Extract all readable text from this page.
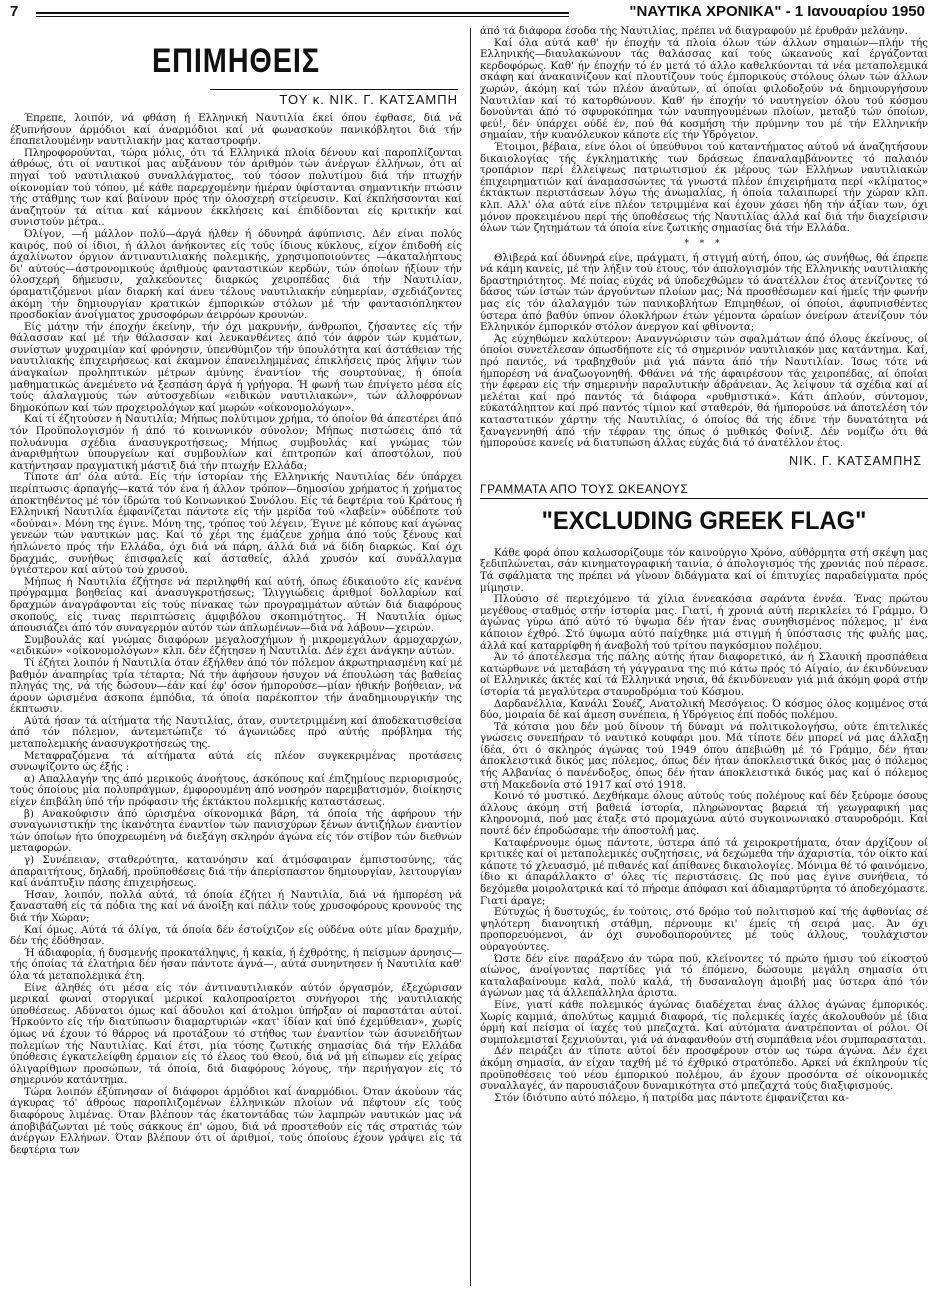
7	"ΝΑΥΤΙΚΑ ΧΡΟΝΙΚΑ" - 1 Ιανουαρίου 1950
ΕΠΙΜΗΘΕΙΣ
ΤΟΥ κ. ΝΙΚ. Γ. ΚΑΤΣΑΜΠΗ

Έπρεπε, λοιπόν, νά φθάση ή Ελληνική Ναυτιλία έκεί όπου έφθασε, διά νά έξυπνήσουν άρμόδιοι καί άναρμόδιοι καί νά φωνασκούν πανικόβλητοι διά τήν έπαπειλουμένην ναυτιλιακήν μας καταστροφήν.

Πληροφορούνται, τώρα μόλις, ότι τά Ελληνικά πλοία δένουν καί παροπλίζονται άθρόως, ότι οί ναυτικοί μας αύξάνουν τόν άριθμόν τών άνέργων έλλήνων, ότι αί πηγαί τού ναυτιλιακού συναλλάγματος, τού τόσον πολυτίμου διά τήν πτωχήν οίκονομίαν τού τόπου, μέ κάθε παρερχομένην ήμέραν ύφίστανται σημαντικήν πτώσιν τής στάθμης των καί βαίνουν πρός τήν όλοσχερή στείρευσιν. Καί έκπλήσσονται καί άναζητούν τά αίτια καί κάμνουν έκκλήσεις καί έπιδίδονται είς κριτικήν καί συνιστούν μέτρα..

Όλίγον, —ή μάλλον πολύ—άργά ήλθεν ή όδυνηρά άφύπνισις. Δέν είναι πολύς καιρός, πού οί ίδιοι, ή άλλοι άνήκοντες είς τούς ίδιους κύκλους, είχον έπιδοθή είς άχαλίνωτον όργιον άντιναυτιλιακής πολεμικής, χρησιμοποιούντες —άκαταλήπτους δι' αύτούς—άστρονομικούς άριθμούς φανταστικών κερδών, τών όποίων ήξίουν τήν όλοσχερή δήμευσιν, χαλκεύοντες διαρκώς χειροπέδας διά τήν Ναυτιλίαν, όραματιζόμενοι μίαν διαρκή καί άνευ τέλους ναυτιλιακήν εύημερίαν, σχεδιάζοντες άκόμη τήν δημιουργίαν κρατικών έμπορικών στόλων μέ τήν φαντασιόπληκτον προσδοκίαν άνοίγματος χρυσοφόρων άειρρόων κρουνών.

Είς μάτην τήν έποχήν έκείνην, τήν όχι μακρυνήν, άνθρωποι, ζήσαντες είς τήν θάλασσαν καί μέ τήν θάλασσαν καί λευκανθέντες άπό τόν άφρόν τών κυμάτων, συνίστων ψυχραιμίαν καί φρόνησιν, ύπενθύμιζον τήν ύπουλότητα καί άστάθειαν τής ναυτιλιακής έπιχειρήσεως καί έκαμνον έπανειλημμένας έπικλήσεις πρός λήψιν τών άναγκαίων προληπτικών μέτρων άμύνης έναντίον τής σουρτούνας, ή όποία μαθηματικώς άνεμένετο νά ξεσπάση άργά ή γρήγορα. Ή φωνή των έπνίγετο μέσα είς τούς άλαλαγμούς τών αύτοσχεδίων «ειδικών ναυτιλιακών», τών άλλοφρόνων δημοκόπων καί τών προχειρολόγων καί μωρών «οίκονομολόγων».

Καί τί έζητούσεν ή Ναυτιλία; Μήπως πολύτιμον χρήμα, τό όποίον θά άπεστέρει άπό τόν Προϋπολογισμόν ή άπό τό κοινωνικόν σύνολον; Μήπως πιστώσεις άπό τά πολυάνυμα σχέδια άνασυγκροτήσεως; Μήπως συμβουλάς καί γνώμας τών άναριθμήτων ύπουργείων καί συμβουλίων καί έπιτροπών καί άποστόλων, πού κατήντησαν πραγματική μάστιξ διά τήν πτωχήν Ελλάδα;

Τίποτε άπ' όλα αύτά. Είς τήν ίστορίαν τής Ελληνικής Ναυτιλίας δέν ύπάρχει περίπτωσις άρπαγής—κατά τόν ένα ή άλλον τρόπον—δημοσίου χρήματος ή χρήματος άποκτηθέντος μέ τόν ίδρώτα τού Κοινωνικού Συνόλου. Είς τά δεφτέρια τού Κράτους ή Ελληνική Ναυτιλία έμφανίζεται πάντοτε είς τήν μερίδα τού «λαβείν» ούδέποτε τού «δούναι». Μόνη της έγινε. Μόνη της, τρόπος τού λέγειν, Έγινε μέ κόπους καί άγώνας γενεών τών ναυτικών μας. Καί τό χέρι της έμάζευε χρήμα άπό τούς ξένους καί ήπλώνετο πρός τήν Ελλάδα, όχι διά νά πάρη, άλλά διά νά δίδη διαρκώς. Καί όχι δραχμάς, συνήθως έπισφαλείς καί άσταθείς, άλλά χρυσόν καί συνάλλαγμα ύγιέστερον καί αύτού τού χρυσού.

Μήπως ή Ναυτιλία έζήτησε νά περιληφθή καί αύτή, όπως έδικαιούτο είς κανένα πρόγραμμα βοηθείας καί άνασυγκροτήσεως; Ίλιγγιώδεις άριθμοί δολλαρίων καί δραχμών άναγράφονται είς τούς πίνακας τών προγραμμάτων αύτών διά διαφόρους σκοπούς, είς τινας περιπτώσεις άμφιβόλου σκοπιμότητος. Ή Ναυτιλία όμως άπουσιάζει άπό τόν συναγερμόν αύτόν τών άπλωμένων—διά νά λάβουν—χειρών.

Συμβουλάς καί γνώμας διαφόρων μεγαλοσχήμων ή μικρομεγάλων άρμοχαρχών, «ειδικών» «οίκονομολόγων» κλπ. δέν έζήτησεν ή Ναυτιλία. Δέν έχει άνάγκην αύτών.

Τί έζήτει λοιπόν ή Ναυτιλία όταν έξήλθεν άπό τόν πόλεμον άκρωτηριασμένη καί μέ βαθμόν άναπηρίας τρία τέταρτα; Νά τήν άφήσουν ήσυχον νά έπουλώση τάς βαθείας πληγάς της, νά τής δώσουν—έάν καί έφ' όσον ήμπορούσε—μίαν ήθικήν βοήθειαν, νά άρουν ώρισμένα άσκοπα έμπόδια, τά όποία παρέκοπτον τήν άναδημιουργικήν της έκπτωσιν.

Αύτά ήσαν τά αίτήματα τής Ναυτιλίας, όταν, συντετριμμένη καί άποδεκατισθείσα άπό τόν πόλεμον, άντεμετώπιζε τό άγωνιώδες πρό αύτής πρόβλημα τής μεταπολεμικής άνασυγκροτήσεώς της.

Μεταφραζόμενα τά αίτήματα αύτά είς πλέον συγκεκριμένας προτάσεις συνωψίζοντο ώς έξής :

α) Απαλλαγήν της άπό μερικούς άνοήτους, άσκόπους καί έπιζημίους περιορισμούς, τούς όποίους μία πολυπράγμων, έμφορουμένη άπό νοσηρόν παρεμβατισμόν, διοίκησις είχεν έπιβάλη ύπό τήν πρόφασιν τής έκτάκτου πολεμικής καταστάσεως.

β) Ανακούφισιν άπό ώρισμένα οίκονομικά βάρη, τά όποία τής άφήρουν τήν συναγωνιστικήν της ίκανότητα έναντίον τών πανισχύρων ξένων άντιζήλων έναντίον τών όποίων ήτο ύποχρεωμένη νά διεξάγη σκληρόν άγώνα είς τόν στίβον τών διεθνών μεταφορών.

γ) Συνέπειαν, σταθερότητα, κατανόησιν καί άτμόσφαιραν έμπιστοσύνης, τάς άπαραιτήτους, δηλαδή, προϋποθέσεις διά τήν άπερίσπαστον δημιουργίαν, λειτουργίαν καί άνάπτυξιν πάσης έπιχειρήσεως.

Ήσαν, λοιπόν, πολλά αύτά, τά όποία έζήτει ή Ναυτιλία, διά νά ήμπορέση νά ξανασταθή είς τά πόδια της καί νά άνοίξη καί πάλιν τούς χρυσοφόρους κρουνούς της διά τήν Χώραν;

Καί όμως. Αύτά τά όλίγα, τά όποία δέν έστοίχιζον είς ούδένα ούτε μίαν δραχμήν, δέν τής έδόθησαν.

Ή άδιαφορία, ή δυσμενής προκατάληψις, ή κακία, ή έχθρότης, ή πείσμων άρνησις—τής όποίας τά έλατήρια δέν ήσαν πάντοτε άγνά—, αύτά συνηντησεν ή Ναυτιλία καθ' όλα τά μεταπολεμικά έτη.

Είνε άληθές ότι μέσα είς τόν άντιναυτιλιακόν αύτόν όργασμόν, έξεχώρισαν μερικαί φωναί στοργικαί μερικοί καλοπροαίρετοι συνήγοροι τής ναυτιλιακής ύποθέσεως. Αδύνατοι όμως καί άδουλοι καί άτολμοι ύπήρξαν οί παραστάται αύτοί. Ήρκούντο είς τήν διατύπωσιν διαμαρτυριών «κατ' ίδίαν καί ύπό έχεμύθειαν», χωρίς όμως νά έχουν τό θάρρος νά προτάξουν τό στήθος των έναντίον τών άσυνειδήτων πολεμίων τής Ναυτιλίας. Καί έτσι, μία τόσης ζωτικής σημασίας διά τήν Ελλάδα ύπόθεσις έγκατελείφθη έρμαιον είς τό έλεος τού Θεού, διά νά μή είπωμεν είς χείρας όλιγαρίθμων προσώπων, τά όποία, διά διαφόρους λόγους, τήν περιήγαγον είς τό σημερινόν κατάντημα.

Τώρα λοιπόν έξύπνησαν οί διάφοροι άρμόδιοι καί άναρμόδιοι. Όταν άκούουν τάς άγκυρας τό' άθρόως παροπλιζομένων έλληνικών πλοίων νά πέφτουν είς τούς διαφόρους λιμένας. Όταν βλέπουν τάς έκατοντάδας τών λαμπρών ναυτικών μας νά άποβιβάζωνται μέ τούς σάκκους έπ' ώμου, διά νά προστεθούν είς τάς στρατιάς τών άνέργων Ελλήνων. Όταν βλέπουν ότι οί άριθμοί, τούς όποίους έχουν γράψει είς τά δεφτέρια των

άπό τά διάφορα έσοδα τής Ναυτιλίας, πρέπει νά διαγραφούν μέ έρυθράν μελάνην.

Καί όλα αύτά καθ' ήν έποχήν τά πλοία όλων τών άλλων σημαιών—πλήν τής Ελληνικής—διαυλακώνουν τάς θαλάσσας καί τούς ώκεανούς καί έργάζονται κερδοφόρως. Καθ' ήν έποχήν τό έν μετά τό άλλο καθελκύονται τά νέα μεταπολεμικά σκάφη καί άνακαινίζουν καί πλουτίζουν τούς έμπορικούς στόλους όλων τών άλλων χωρών, άκόμη καί τών πλέον άναύτων, αί όποίαι φιλοδοξούν νά δημιουργήσουν Ναυτιλίαν καί τό κατορθώνουν. Καθ' ήν έποχήν τό ναυτηγείον όλου τού κόσμου δονούνται άπό τό σφυροκόπημα τών ναυπηγουμένων πλοίων, μεταξύ τών όποίων, φεύ!, δέν ύπάρχει ούδέ έν, πού θά κοσμήση τήν πρύμνην του μέ τήν Ελληνικήν σημαίαν, τήν κυανόλευκον κάποτε είς τήν Υδρόγειον.

Έτοιμοι, βέβαια, είνε όλοι οί ύπεύθυνοι τού καταντήματος αύτού νά άναζητήσουν δικαιολογίας τής έγκληματικής των δράσεως έπαναλαμβάνοντες τό παλαιόν τροπάριον περί έλλείψεως πατριωτισμού έκ μέρους τών Ελλήνων ναυτιλιακών έπιχειρηματιών καί άναμασσώντες τά γνωστά πλέον έπιχειρήματα περί «κλίματος» έκτάκτων περιστάσεων λόγω τής άνωμαλίας, ή όποία ταλαιπωρεί τήν χώραν κλπ. κλπ. Αλλ' όλα αύτά είνε πλέον τετριμμένα καί έχουν χάσει ήδη τήν άξίαν των, όχι μόνον προκειμένου περί τής ύποθέσεως τής Ναυτιλίας άλλά καί διά τήν διαχείρισιν όλων τών ζητημάτων τά όποία είνε ζωτικής σημασίας διά τήν Ελλάδα.

* * *

Θλιβερά καί όδυνηρά είνε, πράγματι, ή στιγμή αύτή, όπου, ώς συνήθως, θά έπρεπε νά κάμη κανείς, μέ τήν λήξιν τού έτους, τόν άπολογισμόν τής Ελληνικής ναυτιλιακής δραστηριότητος. Μέ ποίας εύχάς νά ύποδεχθώμεν τό άνατέλλον έτος άτενίζοντες τό δάσος τών ίστών τών άργούντων πλοίων μας; Νά προσθέσωμεν καί ήμείς τήν φωνήν μας είς τόν άλαλαγμόν τών πανικοβλήτων Επιμηθέων, οί όποίοι, άφυπνισθέντες ύστερα άπό βαθύν ύπνον όλοκλήρων έτών γέμοντα ώραίων όνείρων άτενίζουν τόν Ελληνικόν έμπορικόν στόλον άνεργον καί φθίνοντα;

Άς εύχηθώμεν καλύτερον: Ανανγνώρισιν τών σφαλμάτων άπό όλους έκείνους, οί όποίοι συνετέλεσαν όπωσδήποτε είς τό σημερινόν ναυτιλιακόν μας κατάντημα. Καί, πρό παντός, νά τραβηχθούν μιά γιά πάντα άπό τήν Ναυτιλίαν. Ίσως τότε νά ήμπορέση νά άναζωογονηθή. Φθάνει νά τής άφαιρέσουν τάς χειροπέδας, αί όποίαι τήν έφεραν είς τήν σημερινήν παραλυτικήν άδράνειαν. Άς λείψουν τά σχέδια καί αί μελέται καί πρό παντός τά διάφορα «ρυθμιστικά». Κάτι άπλούν, σύντομον, εύκατάληπτον καί πρό παντός τίμιον καί σταθερόν, θά ήμπορούσε νά άποτελέση τόν καταστατικόν χάρτην τής Ναυτιλίας, ό όποίος θά τής έδινε τήν δυνατότητα νά ξαναγεννηθή άπό τήν τέφραν της όπως ό μυθικός Φοίνιξ. Δέν νομίζω ότι θά ήμπορούσε κανείς νά διατυπώση άλλας εύχάς διά τό άνατέλλον έτος.

ΝΙΚ. Γ. ΚΑΤΣΑΜΠΗΣ
ΓΡΑΜΜΑΤΑ ΑΠΟ ΤΟΥΣ ΩΚΕΑΝΟΥΣ
"EXCLUDING GREEK FLAG"

Κάθε φορά όπου καλωσορίζουμε τόν καινούργιο Χρόνο, αύθόρμητα στή σκέψη μας ξεδιπλώνεται, σάν κινηματογραφική ταινία, ό άπολογισμός τής χρονιάς πού πέρασε. Τά σφάλματα της πρέπει νά γίνουν διδάγματα καί οί έπιτυχίες παραδείγματα πρός μίμησιν.

Πλούσιο σέ περιεχόμενο τά χίλια έννεακόσια σαράντα έννέα. Ένας πρώτου μεγέθους σταθμός στήν ίστορία μας. Γιατί, ή χρονιά αύτή περικλείει τό Γράμμο. Ό άγώνας γύρω άπό αύτό τό ύψωμα δέν ήταν ένας συνηθισμένος πόλεμος, μ' ένα κάποιον έχθρό. Στό ύψωμα αύτό παίχθηκε μιά στιγμή ή ύπόστασις τής φυλής μας, άλλά καί καταρρίφθη ή άναβολή τού τρίτου παγκόσμιου πολέμου.

Άν τό άποτέλεσμα τής πάλης αύτής ήταν διαφορετικό, άν ή Σλαυική προσπάθεια κατώρθωνε νά μεταβάση τή γάγγραινα της πιό κάτω πρός τό Αίγαίο, άν έκινδύνευαν οί Ελληνικές άκτές καί τά Ελληνικά νησιά, θά έκινδύνευαν γιά μιά άκόμη φορά στήν ίστορία τά μεγαλύτερα σταυροδρόμια τού Κόσμου.

Δαρδανέλλια, Κανάλι Σουέζ, Ανατολική Μεσόγειος. Ό κόσμος όλος κομμένος στά δύο, μοιραία δέ καί άμεση συνέπεια, ή Υδρόγειος έπί ποδός πολέμου.

Τά κότσια μου δέν μού δίνουν τή δύναμι νά πολιτικολογήσω, ούτε έπιτελικές γνώσεις συνεπήραν τό ναυτικό κουφάρι μου. Μά τίποτε δέν μπορεί νά μας άλλαξη ίδέα, ότι ό σκληρός άγώνας τού 1949 όπου άπεβιώθη μέ τό Γράμμο, δέν ήταν άποκλειστικά δικός μας πόλεμος, όπως δέν ήταν άποκλειστικά δικός μας ό πόλεμος τής Αλβανίας ό πανένδοξος, όπως δέν ήταν άποκλειστικά δικός μας καί ό πόλεμος στή Μακεδονία στό 1917 καί στό 1918.

Κοινό τό μυστικό. Δεχθήκαμε όλους αύτούς τούς πολέμους καί δέν ξεύρομε όσους άλλους άκόμη στή βαθειά ίστορία, πληρώνοντας βαρειά τή γεωγραφική μας κληρονομιά, πού μας έταξε στό προμαχώνα αύτό συγκοινωνιακό σταυροδρόμι. Καί πουτέ δέν έπροδώσαμε τήν άποστολή μας.

Καταφέρνουμε όμως πάντοτε, ύστερα άπό τά χειροκροτήματα, όταν άρχίζουν οί κριτικές καί οί μεταπολεμικές συζητήσεις, νά δεχώμεθα τήν άχαριστία, τόν οίκτο καί κάποτε τό χλευασμό, μέ πιθανές καί άπίθανες δικαιολογίες. Μόνιμα θέ τό φαινόμενο, ίδιο κι άπαράλλακτο σ' όλες τίς περιστάσεις. Ως πού μας έγινε συνήθεια, τό δεχόμεθα μοιρολατρικά καί τό πήραμε άπόφασι καί άδιαμαρτύρητα τό άποδεχόμαστε. Γιατί άραγε;

Εύτυχώς ή δυστυχώς, έν τούτοις, στό δρόμο τού πολιτισμού καί τής άφθονίας σέ ψηλότερη διανοητική στάθμη, πέρνουμε κι' έμείς τή σειρά μας. Άν όχι προπορευόμενοι, άν όχι συνοδοιπορούντες μέ τούς άλλους, τουλάχιστον ούραγούντες.

Ώστε δέν είνε παράξενο άν τώρα πού, κλείνοντες τό πρώτο ήμισυ τού είκοστού αίώνος, άνοίγοντας παρτίδες γιά τό έπόμενο, δώσουμε μεγάλη σημασία ότι καταλαβαίνουμε καλά, πολύ καλά, τή δυσαναλογη άμοιβή μας ύστερα άπό τόν άγώνων μας τά άλλεπάλληλα άριστα.

Είνε, γιατί κάθε πολεμικός άγώνας διαδέχεται ένας άλλος άγώνας έμπορικός. Χωρίς καμμιά, άπολύτως καμμιά διαφορά, τίς πολεμικές ίαχές άκολουθούν μέ ίδια όρμή καί πείσμα οί ίαχές τού μπεζαχτά. Καί αύτόματα άνατρέπονται οί ρόλοι. Οί συμπολεμισταί ξεχνιούνται, γιά νά άναφανθούν στή συμπάθεια νέοι συμπαρασταται.

Δέν πειράζει άν τίποτε αύτοί δέν προσφέρουν στόν ως τώρα άγώνα. Δέν έχει άκόμη σημασία, άν είχαν ταχθή μέ τό έχθρικό στρατόπεδο. Αρκεί νά έκπληρούν τίς προϋποθέσεις τού νέου έμπορικού πολέμου, άν έχουν προσόντα σέ οίκονομικές συναλλαγές, άν παρουσιάζουν δυναμικότητα στό μπεζαχτά τούς διαξιφισμούς.

Στόν ίδιότυπο αύτό πόλεμο, ή πατρίδα μας πάντοτε έμφανίζεται κα-
